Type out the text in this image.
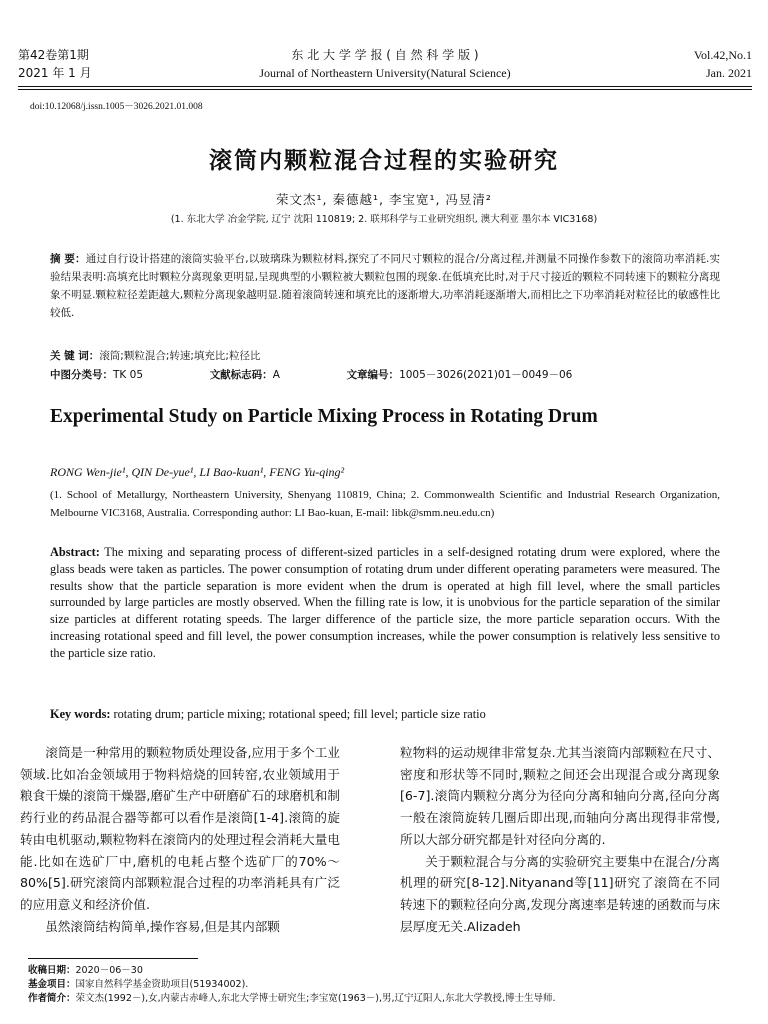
第42卷第1期
2021 年 1 月
东 北 大 学 学 报 ( 自 然 科 学 版 )
Journal of Northeastern University(Natural Science)
Vol.42,No.1
Jan. 2021
doi:10.12068/j.issn.1005－3026.2021.01.008
滚筒内颗粒混合过程的实验研究
荣文杰¹, 秦德越¹, 李宝宽¹, 冯昱清²
(1. 东北大学 冶金学院, 辽宁 沈阳 110819; 2. 联邦科学与工业研究组织, 澳大利亚 墨尔本 VIC3168)
摘 要：通过自行设计搭建的滚筒实验平台,以玻璃珠为颗粒材料,探究了不同尺寸颗粒的混合/分离过程,并测量不同操作参数下的滚筒功率消耗.实验结果表明:高填充比时颗粒分离现象更明显,呈现典型的小颗粒被大颗粒包围的现象.在低填充比时,对于尺寸接近的颗粒不同转速下的颗粒分离现象不明显.颗粒粒径差距越大,颗粒分离现象越明显.随着滚筒转速和填充比的逐渐增大,功率消耗逐渐增大,而相比之下功率消耗对粒径比的敏感性比较低.
关 键 词：滚筒;颗粒混合;转速;填充比;粒径比
中图分类号：TK 05	文献标志码：A	文章编号：1005－3026(2021)01－0049－06
Experimental Study on Particle Mixing Process in Rotating Drum
RONG Wen-jie¹, QIN De-yue¹, LI Bao-kuan¹, FENG Yu-qing²
(1. School of Metallurgy, Northeastern University, Shenyang 110819, China; 2. Commonwealth Scientific and Industrial Research Organization, Melbourne VIC3168, Australia. Corresponding author: LI Bao-kuan, E-mail: libk@smm.neu.edu.cn)
Abstract: The mixing and separating process of different-sized particles in a self-designed rotating drum were explored, where the glass beads were taken as particles. The power consumption of rotating drum under different operating parameters were measured. The results show that the particle separation is more evident when the drum is operated at high fill level, where the small particles surrounded by large particles are mostly observed. When the filling rate is low, it is unobvious for the particle separation of the similar size particles at different rotating speeds. The larger difference of the particle size, the more particle separation occurs. With the increasing rotational speed and fill level, the power consumption increases, while the power consumption is relatively less sensitive to the particle size ratio.
Key words: rotating drum; particle mixing; rotational speed; fill level; particle size ratio

滚筒是一种常用的颗粒物质处理设备,应用于多个工业领域.比如冶金领域用于物料焙烧的回转窑,农业领域用于粮食干燥的滚筒干燥器,磨矿生产中研磨矿石的球磨机和制药行业的药品混合器等都可以看作是滚筒[1-4].滚筒的旋转由电机驱动,颗粒物料在滚筒内的处理过程会消耗大量电能.比如在选矿厂中,磨机的电耗占整个选矿厂的70%～80%[5].研究滚筒内部颗粒混合过程的功率消耗具有广泛的应用意义和经济价值.

虽然滚筒结构简单,操作容易,但是其内部颗

粒物料的运动规律非常复杂.尤其当滚筒内部颗粒在尺寸、密度和形状等不同时,颗粒之间还会出现混合或分离现象[6-7].滚筒内颗粒分离分为径向分离和轴向分离,径向分离一般在滚筒旋转几圈后即出现,而轴向分离出现得非常慢,所以大部分研究都是针对径向分离的.

关于颗粒混合与分离的实验研究主要集中在混合/分离机理的研究[8-12].Nityanand等[11]研究了滚筒在不同转速下的颗粒径向分离,发现分离速率是转速的函数而与床层厚度无关.Alizadeh

收稿日期：2020－06－30
基金项目：国家自然科学基金资助项目(51934002).
作者简介：荣文杰(1992－),女,内蒙古赤峰人,东北大学博士研究生;李宝宽(1963－),男,辽宁辽阳人,东北大学教授,博士生导师.
